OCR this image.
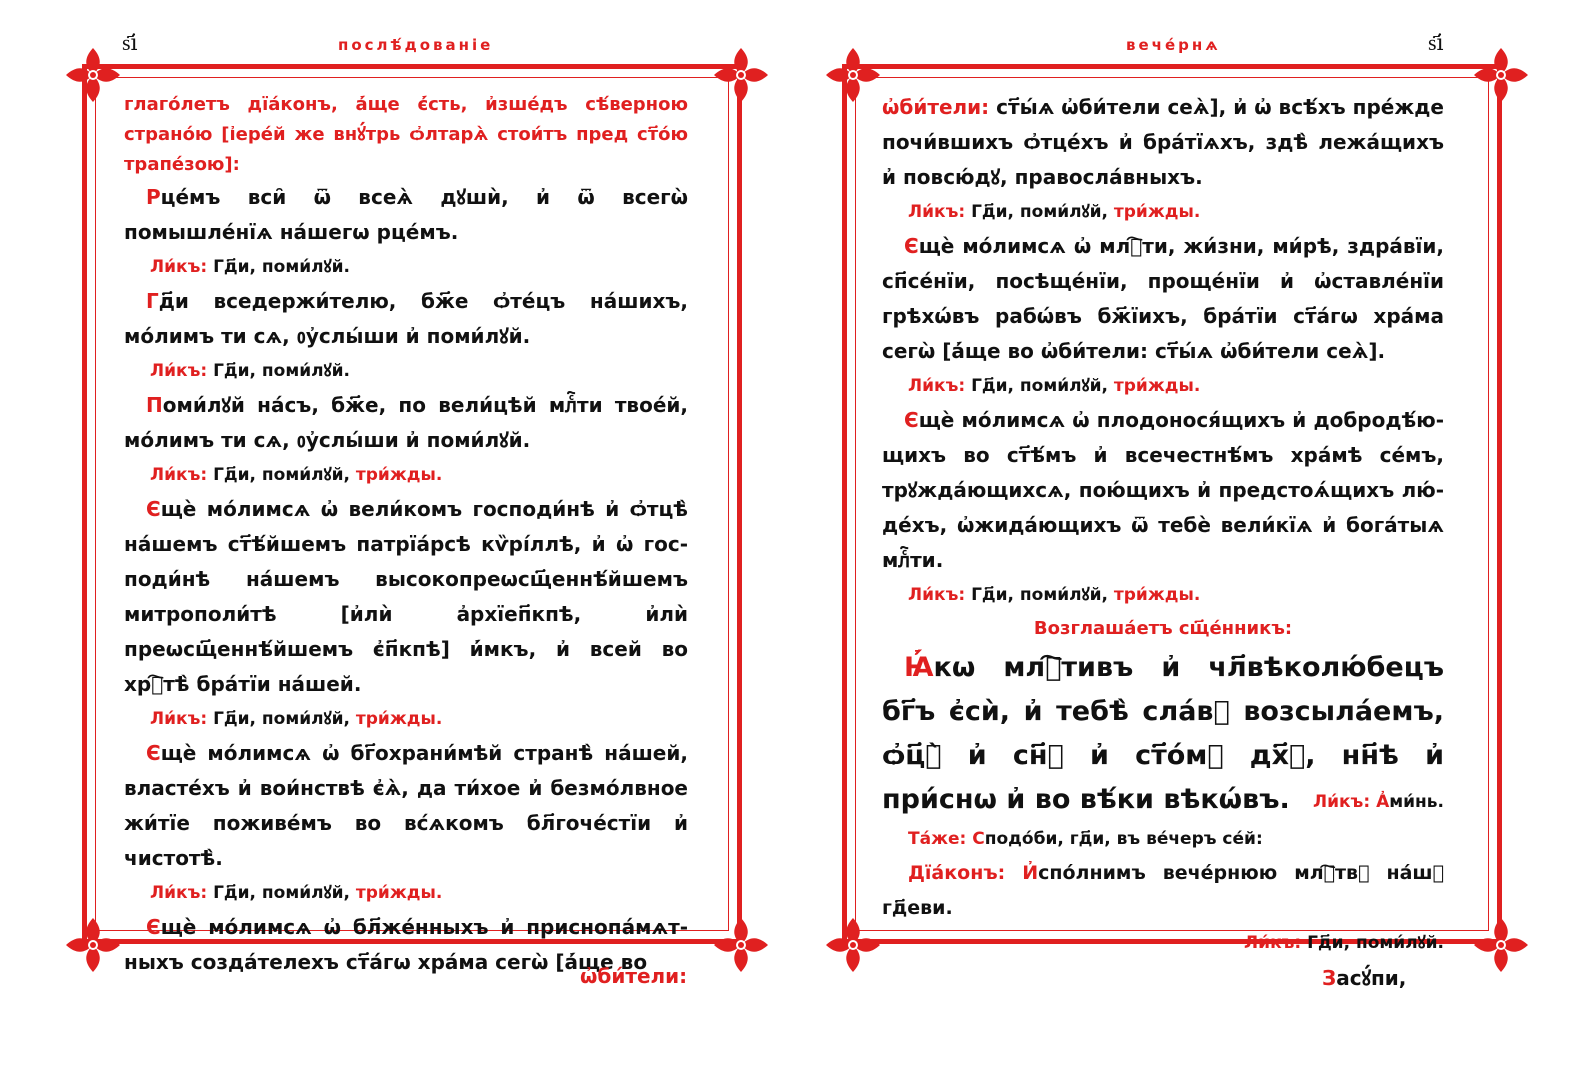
ѕ҃і	послѣ́дованіе

глаго́летъ дїа́конъ, а҆́ще є҆́сть, и҆зше́дъ сѣ́верною страно́ю [і҆ере́й же внꙋ́трь ѻ҆лтарѧ̀ стои́тъ пред ст҃о́ю трапе́зою]:

Рце́мъ вси̑ ѿ всеѧ̀ дꙋшѝ, и҆ ѿ всегѡ̀ помышле́нїѧ на́шегѡ рце́мъ.

Ли́къ: Гд҃и, поми́лꙋй.

Гд҃и вседержи́телю, бж҃е ѻ҆те́цъ на́шихъ, мо́лимъ ти сѧ, ᲂу҆слы́ши и҆ поми́лꙋй.

Ли́къ: Гд҃и, поми́лꙋй.

Поми́лꙋй на́съ, бж҃е, по вели́цѣй млⷭ҇ти твое́й, мо́лимъ ти сѧ, ᲂу҆слы́ши и҆ поми́лꙋй.

Ли́къ: Гд҃и, поми́лꙋй, три́жды.

Єщѐ мо́лимсѧ ѡ҆ вели́комъ господи́нѣ и҆ ѻ҆тцѣ̀ на́шемъ ст҃ѣ́йшемъ патрїа́рсѣ кѷрі́ллѣ, и҆ ѡ҆ господи́нѣ на́шемъ высокопреѡсщ҃еннѣ́йшемъ митрополи́тѣ [и҆лѝ а҆рхїеп҃кпѣ, и҆лѝ преѡсщ҃еннѣ́йшемъ є҆п҃кпѣ] и҆́мкъ, и҆ всей во хрⷭ҇тѣ̀ бра́тїи на́шей.

Ли́къ: Гд҃и, поми́лꙋй, три́жды.

Єщѐ мо́лимсѧ ѡ҆ бг҃охрани́мѣй странѣ̀ на́шей, власте́хъ и҆ вои́нствѣ є҆ѧ̀, да ти́хое и҆ безмо́лвное жи́тїе поживе́мъ во вс́ѧкомъ бл҃гоче́стїи и҆ чистотѣ̀.

Ли́къ: Гд҃и, поми́лꙋй, три́жды.

Єщѐ мо́лимсѧ ѡ҆ бл҃же́нныхъ и҆ приснопа́мѧтныхъ созда́телехъ ст҃а́гѡ хра́ма сегѡ̀ [а҆́ще во

ѡ҆би́тели:
вече́рнѧ	ѕ҃і

ѡ҆би́тели: ст҃ы́ѧ ѡ҆би́тели сеѧ̀], и҆ ѡ҆ всѣ́хъ пре́жде почи́вшихъ ѻ҆тце́хъ и҆ бра́тїѧхъ, здѣ̀ лежа́щихъ и҆ повсю́дꙋ, правосла́вныхъ.

Ли́къ: Гд҃и, поми́лꙋй, три́жды.

Єщѐ мо́лимсѧ ѡ҆ млⷭ҇ти, жи́зни, ми́рѣ, здра́вїи, сп҃се́нїи, посѣще́нїи, проще́нїи и҆ ѡ҆ставле́нїи грѣхѡ́въ рабѡ́въ бж҃їихъ, бра́тїи ст҃а́гѡ хра́ма сегѡ̀ [а҆́ще во ѡ҆би́тели: ст҃ы́ѧ ѡ҆би́тели сеѧ̀].

Ли́къ: Гд҃и, поми́лꙋй, три́жды.

Єщѐ мо́лимсѧ ѡ҆ плодонося́щихъ и҆ добродѣ́ющихъ во ст҃ѣ́мъ и҆ всечестнѣ́мъ хра́мѣ се́мъ, трꙋжда́ющихсѧ, пою́щихъ и҆ предстоѧ́щихъ лю́де́хъ, ѡ҆жида́ющихъ ѿ тебѐ вели́кїѧ и҆ бога́тыѧ млⷭ҇ти.

Ли́къ: Гд҃и, поми́лꙋй, три́жды.

Возглаша́етъ сщ҃е́нникъ:

Ꙗ҆́кѡ млⷭ҇тивъ и҆ чл҃вѣколю́бецъ бг҃ъ є҆сѝ, и҆ тебѣ̀ сла́вꙋ возсыла́емъ, ѻ҆ц҃ꙋ̀ и҆ сн҃ꙋ и҆ ст҃о́мꙋ дх҃ꙋ, нн҃ѣ и҆ при́снѡ и҆ во вѣ́ки вѣкѡ́въ.	Ли́къ: А҆ми́нь.

Та́же: Сподо́би, гд҃и, въ ве́черъ се́й:

Дїа́конъ: И҆спо́лнимъ вече́рнюю млⷭ҇твꙋ на́шꙋ гд҃еви.

Ли́къ: Гд҃и, поми́лꙋй.

Засꙋ́пи,
